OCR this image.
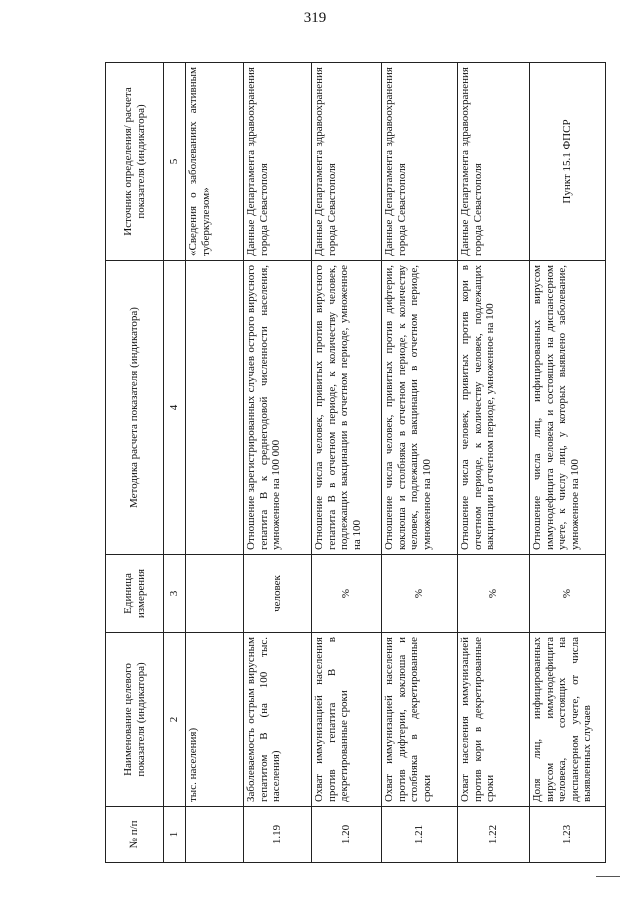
319
№ п/п	Наименование целевого показателя (индикатора)	Единица измерения	Методика расчета показателя (индикатора)	Источник определения/ расчета показателя (индикатора)
1	2	3	4	5
	тыс. населения)			«Сведения о заболеваниях активным туберкулезом»
1.19	Заболеваемость острым вирусным гепатитом В (на 100 тыс. населения)	человек	Отношение зарегистрированных случаев острого вирусного гепатита В к среднегодовой численности населения, умноженное на 100 000	Данные Департамента здравоохранения города Севастополя
1.20	Охват иммунизацией населения против гепатита В в декретированные сроки	%	Отношение числа человек, привитых против вирусного гепатита В в отчетном периоде, к количеству человек, подлежащих вакцинации в отчетном периоде, умноженное на 100	Данные Департамента здравоохранения города Севастополя
1.21	Охват иммунизацией населения против дифтерии, коклюша и столбняка в декретированные сроки	%	Отношение числа человек, привитых против дифтерии, коклюша и столбняка в отчетном периоде, к количеству человек, подлежащих вакцинации в отчетном периоде, умноженное на 100	Данные Департамента здравоохранения города Севастополя
1.22	Охват населения иммунизацией против кори в декретированные сроки	%	Отношение числа человек, привитых против кори в отчетном периоде, к количеству человек, подлежащих вакцинации в отчетном периоде, умноженное на 100	Данные Департамента здравоохранения города Севастополя
1.23	Доля лиц, инфицированных вирусом иммунодефицита человека, состоящих на диспансерном учете, от числа выявленных случаев	%	Отношение числа лиц, инфицированных вирусом иммунодефицита человека и состоящих на диспансерном учете, к числу лиц, у которых выявлено заболевание, умноженное на 100	Пункт 15.1 ФПСР
